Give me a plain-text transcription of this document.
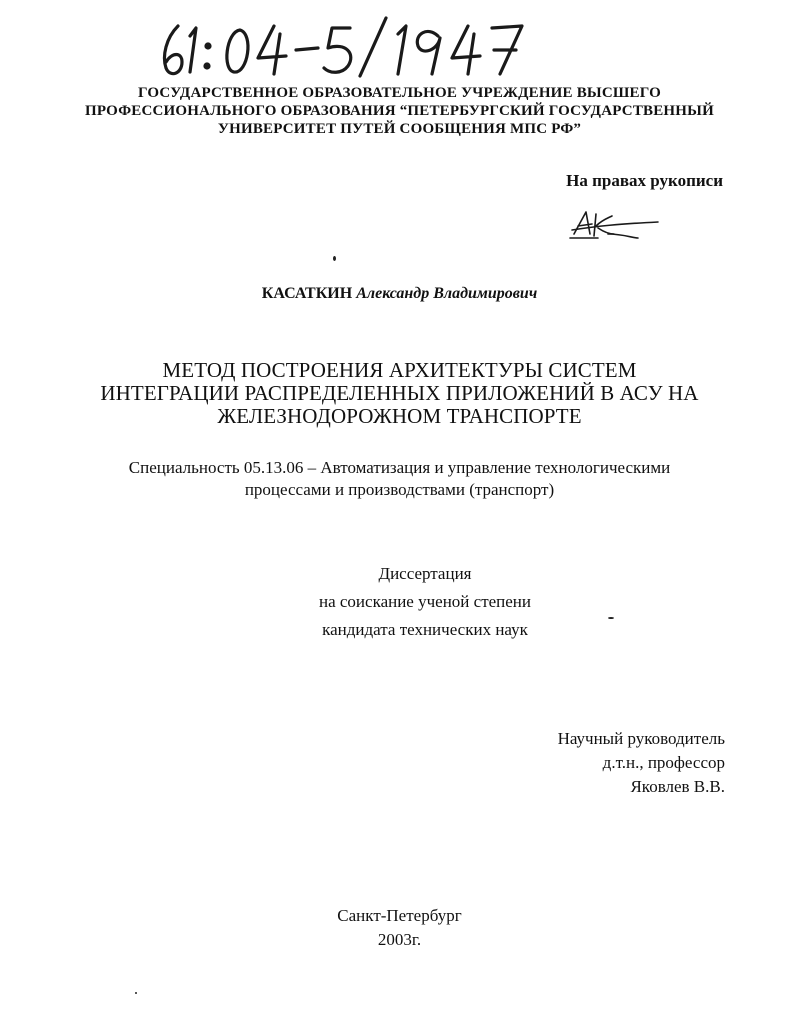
ГОСУДАРСТВЕННОЕ ОБРАЗОВАТЕЛЬНОЕ УЧРЕЖДЕНИЕ ВЫСШЕГО
ПРОФЕССИОНАЛЬНОГО ОБРАЗОВАНИЯ “ПЕТЕРБУРГСКИЙ ГОСУДАРСТВЕННЫЙ
УНИВЕРСИТЕТ ПУТЕЙ СООБЩЕНИЯ МПС РФ”
На правах рукописи
КАСАТКИН Александр Владимирович
МЕТОД ПОСТРОЕНИЯ АРХИТЕКТУРЫ СИСТЕМ
ИНТЕГРАЦИИ РАСПРЕДЕЛЕННЫХ ПРИЛОЖЕНИЙ В АСУ НА
ЖЕЛЕЗНОДОРОЖНОМ ТРАНСПОРТЕ
Специальность 05.13.06 – Автоматизация и управление технологическими
процессами и производствами (транспорт)
Диссертация
на соискание ученой степени
кандидата технических наук
Научный руководитель
д.т.н., профессор
Яковлев В.В.
Санкт-Петербург
2003г.
